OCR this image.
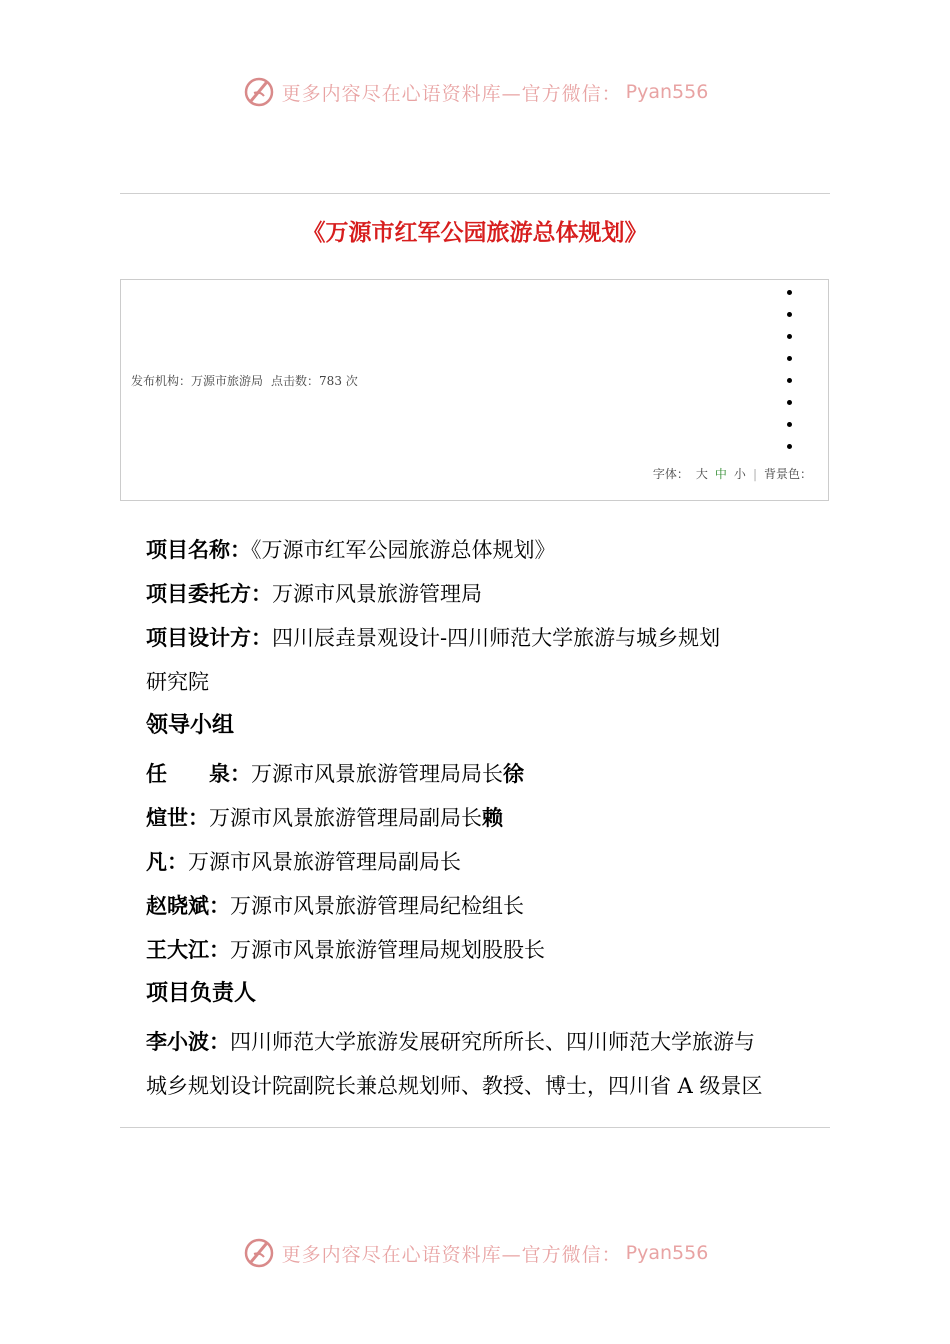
更多内容尽在心语资料库—官方微信： Pyan556
《万源市红军公园旅游总体规划》
发布机构：万源市旅游局 点击数：783 次
字体： 大 中 小 | 背景色：

项目名称：《万源市红军公园旅游总体规划》

项目委托方：万源市风景旅游管理局

项目设计方：四川辰垚景观设计-四川师范大学旅游与城乡规划

研究院

领导小组

任　　泉：万源市风景旅游管理局局长徐

煊世：万源市风景旅游管理局副局长赖

凡：万源市风景旅游管理局副局长

赵晓斌：万源市风景旅游管理局纪检组长

王大江：万源市风景旅游管理局规划股股长

项目负责人

李小波：四川师范大学旅游发展研究所所长、四川师范大学旅游与

城乡规划设计院副院长兼总规划师、教授、博士，四川省 A 级景区

更多内容尽在心语资料库—官方微信： Pyan556
